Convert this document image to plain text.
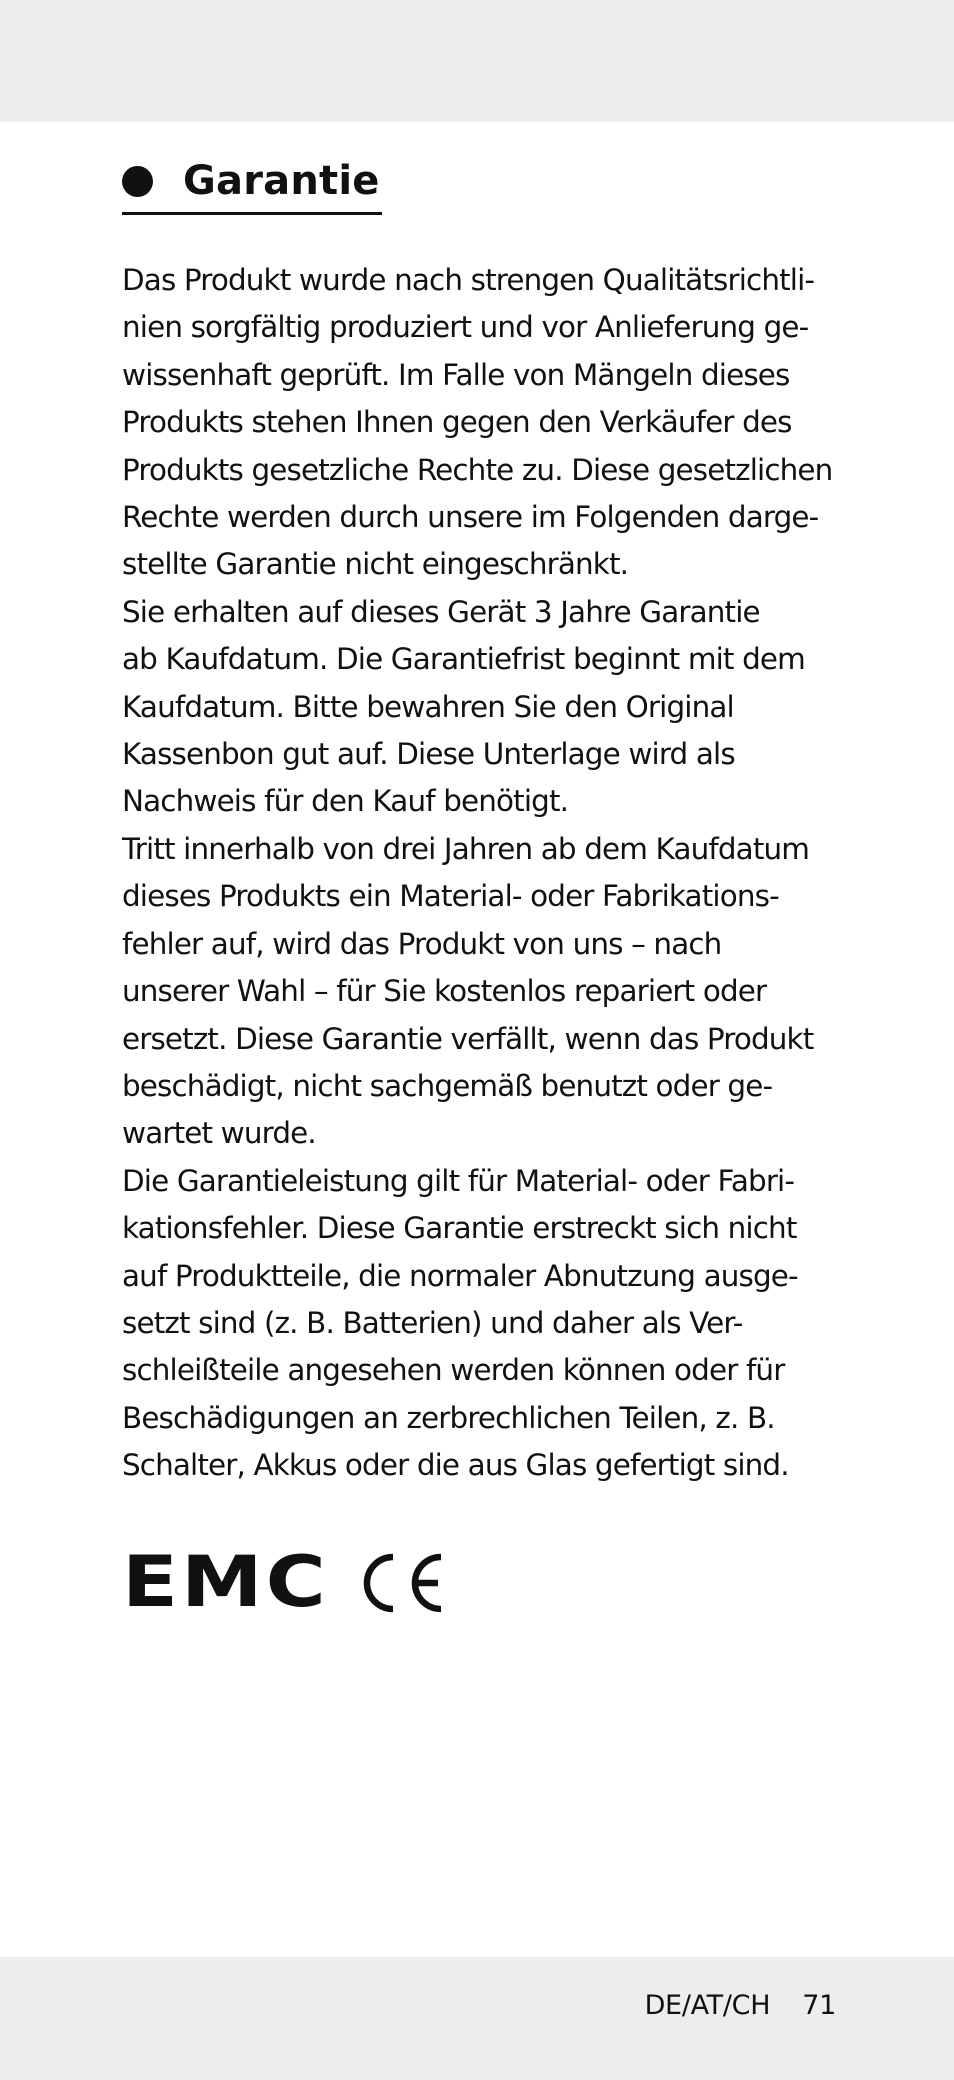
Garantie

Das Produkt wurde nach strengen Qualitätsrichtli-

nien sorgfältig produziert und vor Anlieferung ge-

wissenhaft geprüft. Im Falle von Mängeln dieses

Produkts stehen Ihnen gegen den Verkäufer des

Produkts gesetzliche Rechte zu. Diese gesetzlichen

Rechte werden durch unsere im Folgenden darge-

stellte Garantie nicht eingeschränkt.

Sie erhalten auf dieses Gerät 3 Jahre Garantie

ab Kaufdatum. Die Garantiefrist beginnt mit dem

Kaufdatum. Bitte bewahren Sie den Original

Kassenbon gut auf. Diese Unterlage wird als

Nachweis für den Kauf benötigt.

Tritt innerhalb von drei Jahren ab dem Kaufdatum

dieses Produkts ein Material- oder Fabrikations-

fehler auf, wird das Produkt von uns – nach

unserer Wahl – für Sie kostenlos repariert oder

ersetzt. Diese Garantie verfällt, wenn das Produkt

beschädigt, nicht sachgemäß benutzt oder ge-

wartet wurde.

Die Garantieleistung gilt für Material- oder Fabri-

kationsfehler. Diese Garantie erstreckt sich nicht

auf Produktteile, die normaler Abnutzung ausge-

setzt sind (z. B. Batterien) und daher als Ver-

schleißteile angesehen werden können oder für

Beschädigungen an zerbrechlichen Teilen, z. B.

Schalter, Akkus oder die aus Glas gefertigt sind.

EMC
DE/AT/CH 71
